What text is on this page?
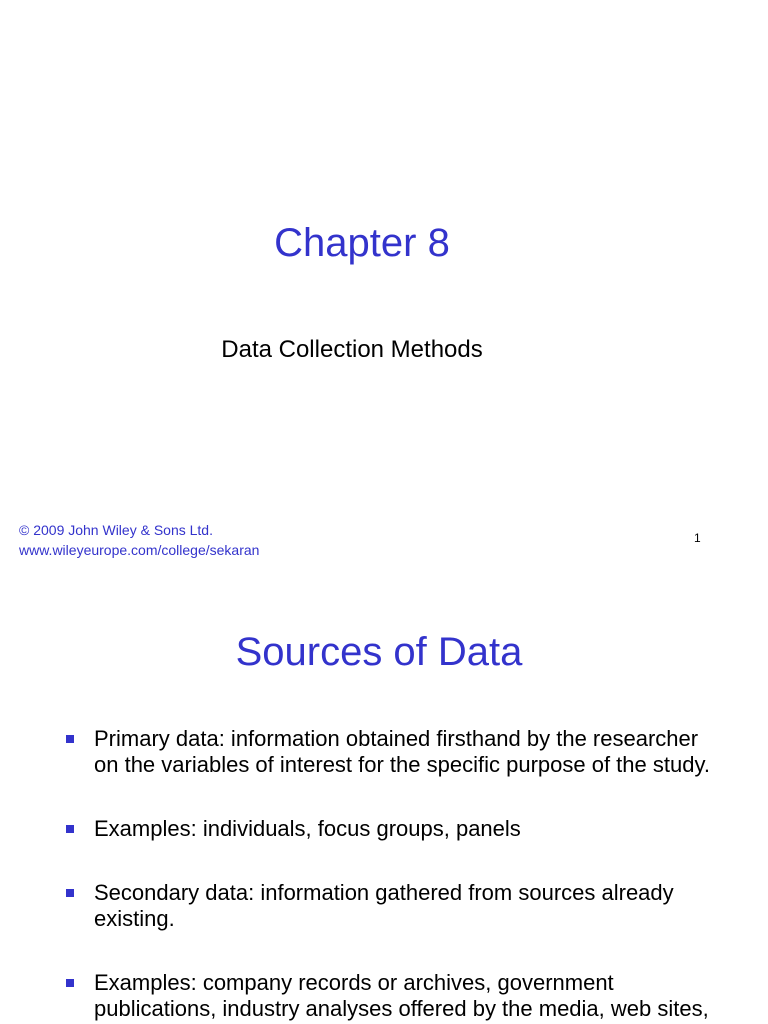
Chapter 8
Data Collection Methods
© 2009 John Wiley & Sons Ltd.
www.wileyeurope.com/college/sekaran
1
Sources of Data
Primary data: information obtained firsthand by the researcher on the variables of interest for the specific purpose of the study.
Examples: individuals, focus groups, panels
Secondary data: information gathered from sources already existing.
Examples: company records or archives, government publications, industry analyses offered by the media, web sites,
